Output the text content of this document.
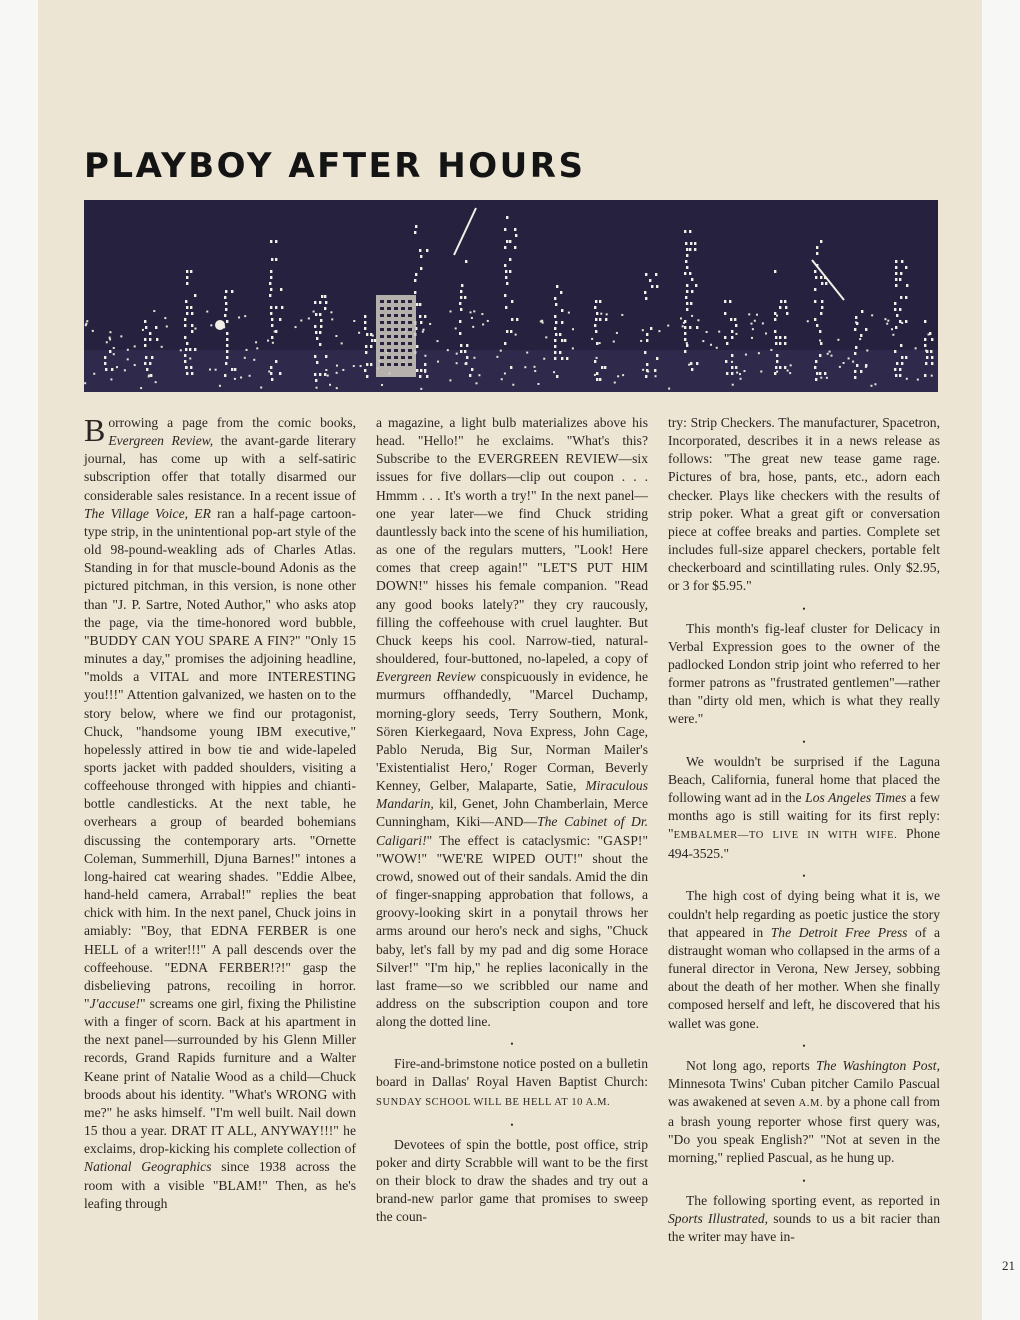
PLAYBOY AFTER HOURS

Borrowing a page from the comic books, Evergreen Review, the avant-garde literary journal, has come up with a self-satiric subscription offer that totally disarmed our considerable sales resistance. In a recent issue of The Village Voice, ER ran a half-page cartoon-type strip, in the unintentional pop-art style of the old 98-pound-weakling ads of Charles Atlas. Standing in for that muscle-bound Adonis as the pictured pitchman, in this version, is none other than "J. P. Sartre, Noted Author," who asks atop the page, via the time-honored word bubble, "BUDDY CAN YOU SPARE A FIN?" "Only 15 minutes a day," promises the adjoining headline, "molds a VITAL and more INTERESTING you!!!" Attention galvanized, we hasten on to the story below, where we find our protagonist, Chuck, "handsome young IBM executive," hopelessly attired in bow tie and wide-lapeled sports jacket with padded shoulders, visiting a coffeehouse thronged with hippies and chianti-bottle candlesticks. At the next table, he overhears a group of bearded bohemians discussing the contemporary arts. "Ornette Coleman, Summerhill, Djuna Barnes!" intones a long-haired cat wearing shades. "Eddie Albee, hand-held camera, Arrabal!" replies the beat chick with him. In the next panel, Chuck joins in amiably: "Boy, that EDNA FERBER is one HELL of a writer!!!" A pall descends over the coffeehouse. "EDNA FERBER!?!" gasp the disbelieving patrons, recoiling in horror. "J'accuse!" screams one girl, fixing the Philistine with a finger of scorn. Back at his apartment in the next panel—surrounded by his Glenn Miller records, Grand Rapids furniture and a Walter Keane print of Natalie Wood as a child—Chuck broods about his identity. "What's WRONG with me?" he asks himself. "I'm well built. Nail down 15 thou a year. DRAT IT ALL, ANYWAY!!!" he exclaims, drop-kicking his complete collection of National Geographics since 1938 across the room with a visible "BLAM!" Then, as he's leafing through

a magazine, a light bulb materializes above his head. "Hello!" he exclaims. "What's this? Subscribe to the EVERGREEN REVIEW—six issues for five dollars—clip out coupon . . . Hmmm . . . It's worth a try!" In the next panel—one year later—we find Chuck striding dauntlessly back into the scene of his humiliation, as one of the regulars mutters, "Look! Here comes that creep again!" "LET'S PUT HIM DOWN!" hisses his female companion. "Read any good books lately?" they cry raucously, filling the coffeehouse with cruel laughter. But Chuck keeps his cool. Narrow-tied, natural-shouldered, four-buttoned, no-lapeled, a copy of Evergreen Review conspicuously in evidence, he murmurs offhandedly, "Marcel Duchamp, morning-glory seeds, Terry Southern, Monk, Sören Kierkegaard, Nova Express, John Cage, Pablo Neruda, Big Sur, Norman Mailer's 'Existentialist Hero,' Roger Corman, Beverly Kenney, Gelber, Malaparte, Satie, Miraculous Mandarin, kil, Genet, John Chamberlain, Merce Cunningham, Kiki—AND—The Cabinet of Dr. Caligari!" The effect is cataclysmic: "GASP!" "WOW!" "WE'RE WIPED OUT!" shout the crowd, snowed out of their sandals. Amid the din of finger-snapping approbation that follows, a groovy-looking skirt in a ponytail throws her arms around our hero's neck and sighs, "Chuck baby, let's fall by my pad and dig some Horace Silver!" "I'm hip," he replies laconically in the last frame—so we scribbled our name and address on the subscription coupon and tore along the dotted line.

•

Fire-and-brimstone notice posted on a bulletin board in Dallas' Royal Haven Baptist Church: SUNDAY SCHOOL WILL BE HELL AT 10 A.M.

•

Devotees of spin the bottle, post office, strip poker and dirty Scrabble will want to be the first on their block to draw the shades and try out a brand-new parlor game that promises to sweep the coun-

try: Strip Checkers. The manufacturer, Spacetron, Incorporated, describes it in a news release as follows: "The great new tease game rage. Pictures of bra, hose, pants, etc., adorn each checker. Plays like checkers with the results of strip poker. What a great gift or conversation piece at coffee breaks and parties. Complete set includes full-size apparel checkers, portable felt checkerboard and scintillating rules. Only $2.95, or 3 for $5.95."

•

This month's fig-leaf cluster for Delicacy in Verbal Expression goes to the owner of the padlocked London strip joint who referred to her former patrons as "frustrated gentlemen"—rather than "dirty old men, which is what they really were."

•

We wouldn't be surprised if the Laguna Beach, California, funeral home that placed the following want ad in the Los Angeles Times a few months ago is still waiting for its first reply: "EMBALMER—TO LIVE IN WITH WIFE. Phone 494-3525."

•

The high cost of dying being what it is, we couldn't help regarding as poetic justice the story that appeared in The Detroit Free Press of a distraught woman who collapsed in the arms of a funeral director in Verona, New Jersey, sobbing about the death of her mother. When she finally composed herself and left, he discovered that his wallet was gone.

•

Not long ago, reports The Washington Post, Minnesota Twins' Cuban pitcher Camilo Pascual was awakened at seven A.M. by a phone call from a brash young reporter whose first query was, "Do you speak English?" "Not at seven in the morning," replied Pascual, as he hung up.

•

The following sporting event, as reported in Sports Illustrated, sounds to us a bit racier than the writer may have in-

21
